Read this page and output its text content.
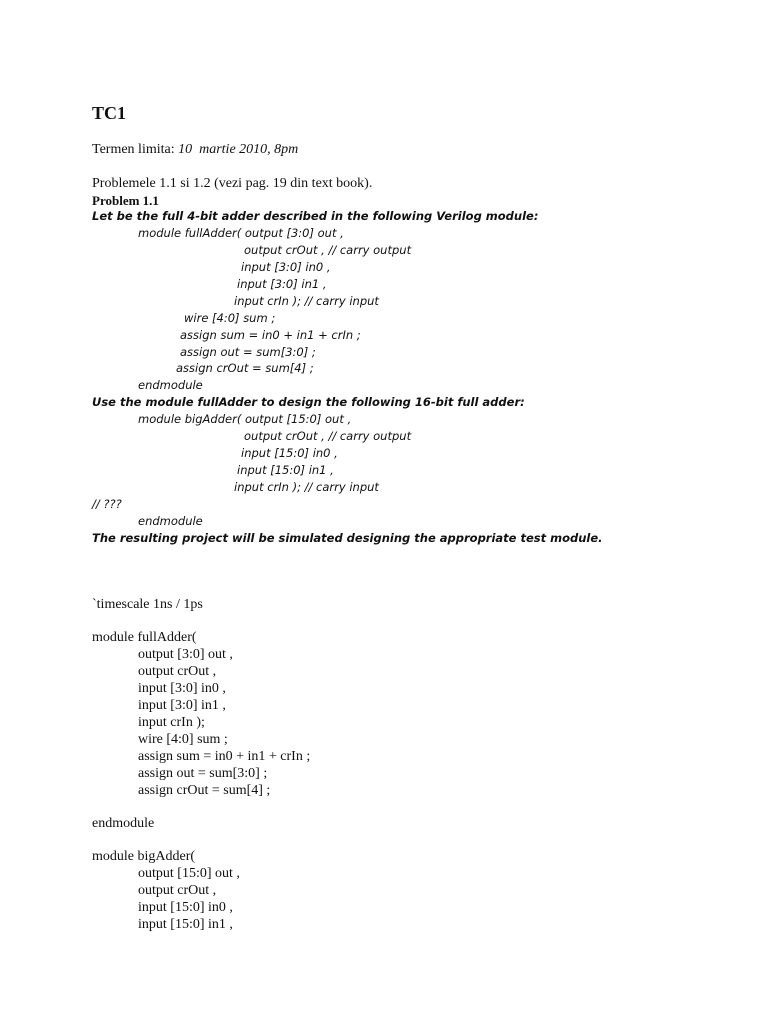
TC1
Termen limita: 10  martie 2010, 8pm
Problemele 1.1 si 1.2 (vezi pag. 19 din text book).
Problem 1.1
Let be the full 4-bit adder described in the following Verilog module:
module fullAdder( output [3:0] out ,
output crOut , // carry output
input [3:0] in0 ,
input [3:0] in1 ,
input crIn ); // carry input
wire [4:0] sum ;
assign sum = in0 + in1 + crIn ;
assign out = sum[3:0] ;
assign crOut = sum[4] ;
endmodule
Use the module fullAdder to design the following 16-bit full adder:
module bigAdder( output [15:0] out ,
output crOut , // carry output
input [15:0] in0 ,
input [15:0] in1 ,
input crIn ); // carry input
// ???
endmodule
The resulting project will be simulated designing the appropriate test module.
`timescale 1ns / 1ps
module fullAdder(
output [3:0] out ,
output crOut ,
input [3:0] in0 ,
input [3:0] in1 ,
input crIn );
wire [4:0] sum ;
assign sum = in0 + in1 + crIn ;
assign out = sum[3:0] ;
assign crOut = sum[4] ;
endmodule
module bigAdder(
output [15:0] out ,
output crOut ,
input [15:0] in0 ,
input [15:0] in1 ,
